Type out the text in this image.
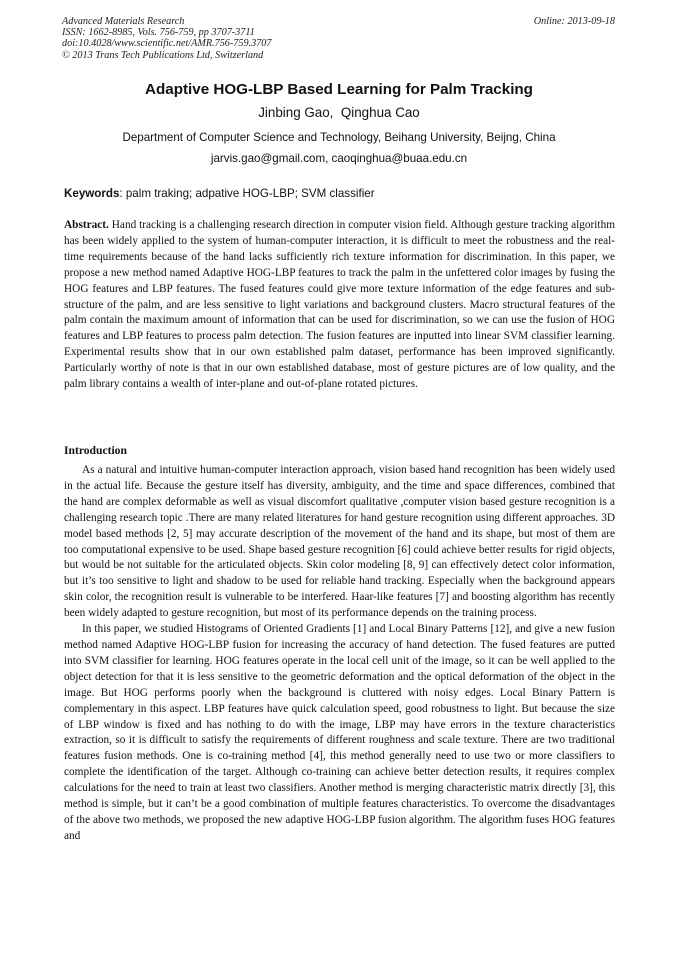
Advanced Materials Research
ISSN: 1662-8985, Vols. 756-759, pp 3707-3711
doi:10.4028/www.scientific.net/AMR.756-759.3707
© 2013 Trans Tech Publications Ltd, Switzerland
Online: 2013-09-18
Adaptive HOG-LBP Based Learning for Palm Tracking
Jinbing Gao,  Qinghua Cao
Department of Computer Science and Technology, Beihang University, Beijng, China
jarvis.gao@gmail.com, caoqinghua@buaa.edu.cn
Keywords: palm traking; adpative HOG-LBP; SVM classifier
Abstract. Hand tracking is a challenging research direction in computer vision field. Although gesture tracking algorithm has been widely applied to the system of human-computer interaction, it is difficult to meet the robustness and the real-time requirements because of the hand lacks sufficiently rich texture information for discrimination. In this paper, we propose a new method named Adaptive HOG-LBP features to track the palm in the unfettered color images by fusing the HOG features and LBP features. The fused features could give more texture information of the edge features and sub-structure of the palm, and are less sensitive to light variations and background clusters. Macro structural features of the palm contain the maximum amount of information that can be used for discrimination, so we can use the fusion of HOG features and LBP features to process palm detection. The fusion features are inputted into linear SVM classifier learning. Experimental results show that in our own established palm dataset, performance has been improved significantly. Particularly worthy of note is that in our own established database, most of gesture pictures are of low quality, and the palm library contains a wealth of inter-plane and out-of-plane rotated pictures.
Introduction

As a natural and intuitive human-computer interaction approach, vision based hand recognition has been widely used in the actual life. Because the gesture itself has diversity, ambiguity, and the time and space differences, combined that the hand are complex deformable as well as visual discomfort qualitative ,computer vision based gesture recognition is a challenging research topic .There are many related literatures for hand gesture recognition using different approaches. 3D model based methods [2, 5] may accurate description of the movement of the hand and its shape, but most of them are too computational expensive to be used. Shape based gesture recognition [6] could achieve better results for rigid objects, but would be not suitable for the articulated objects. Skin color modeling [8, 9] can effectively detect color information, but it’s too sensitive to light and shadow to be used for reliable hand tracking. Especially when the background appears skin color, the recognition result is vulnerable to be interfered. Haar-like features [7] and boosting algorithm has recently been widely adapted to gesture recognition, but most of its performance depends on the training process.

In this paper, we studied Histograms of Oriented Gradients [1] and Local Binary Patterns [12], and give a new fusion method named Adaptive HOG-LBP fusion for increasing the accuracy of hand detection. The fused features are putted into SVM classifier for learning. HOG features operate in the local cell unit of the image, so it can be well applied to the object detection for that it is less sensitive to the geometric deformation and the optical deformation of the object in the image. But HOG performs poorly when the background is cluttered with noisy edges. Local Binary Pattern is complementary in this aspect. LBP features have quick calculation speed, good robustness to light. But because the size of LBP window is fixed and has nothing to do with the image, LBP may have errors in the texture characteristics extraction, so it is difficult to satisfy the requirements of different roughness and scale texture. There are two traditional features fusion methods. One is co-training method [4], this method generally need to use two or more classifiers to complete the identification of the target. Although co-training can achieve better detection results, it requires complex calculations for the need to train at least two classifiers. Another method is merging characteristic matrix directly [3], this method is simple, but it can’t be a good combination of multiple features characteristics. To overcome the disadvantages of the above two methods, we proposed the new adaptive HOG-LBP fusion algorithm. The algorithm fuses HOG features and
